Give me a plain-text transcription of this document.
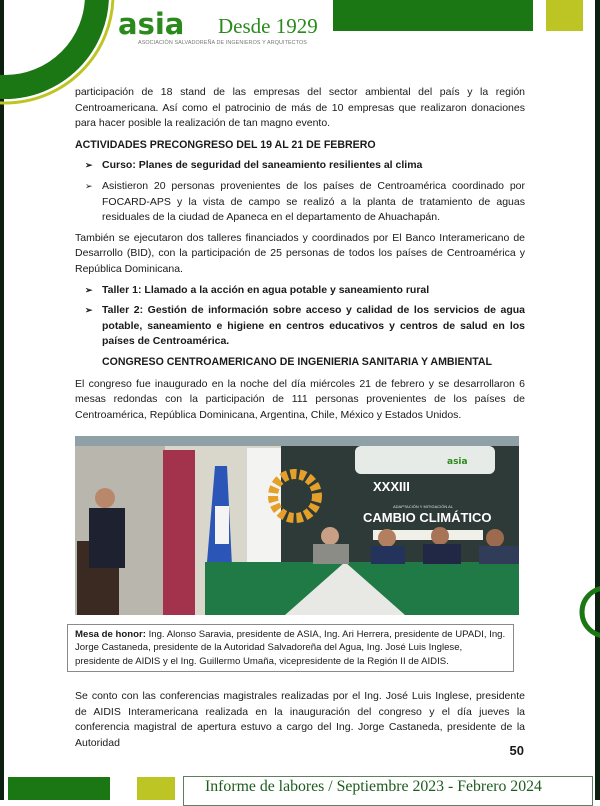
asia Desde 1929
ASOCIACIÓN SALVADOREÑA DE INGENIEROS Y ARQUITECTOS

participación de 18 stand de las empresas del sector ambiental del país y la región Centroamericana. Así como el patrocinio de más de 10 empresas que realizaron donaciones para hacer posible la realización de tan magno evento.

ACTIVIDADES PRECONGRESO DEL 19 AL 21 DE FEBRERO
➢ Curso: Planes de seguridad del saneamiento resilientes al clima
➢ Asistieron 20 personas provenientes de los países de Centroamérica coordinado por FOCARD-APS y la vista de campo se realizó a la planta de tratamiento de aguas residuales de la ciudad de Apaneca en el departamento de Ahuachapán.

También se ejecutaron dos talleres financiados y coordinados por El Banco Interamericano de Desarrollo (BID), con la participación de 25 personas de todos los países de Centroamérica y República Dominicana.

➢ Taller 1: Llamado a la acción en agua potable y saneamiento rural
➢ Taller 2: Gestión de información sobre acceso y calidad de los servicios de agua potable, saneamiento e higiene en centros educativos y centros de salud en los países de Centroamérica.
CONGRESO CENTROAMERICANO DE INGENIERIA SANITARIA Y AMBIENTAL

El congreso fue inaugurado en la noche del día miércoles 21 de febrero y se desarrollaron 6 mesas redondas con la participación de 111 personas provenientes de los países de Centroamérica, República Dominicana, Argentina, Chile, México y Estados Unidos.

XXXIII
ADAPTACIÓN Y MITIGACIÓN AL
CAMBIO CLIMÁTICO
asia
Mesa de honor: Ing. Alonso Saravia, presidente de ASIA, Ing. Ari Herrera, presidente de UPADI, Ing. Jorge Castaneda, presidente de la Autoridad Salvadoreña del Agua, Ing. José Luis Inglese, presidente de AIDIS y el Ing. Guillermo Umaña, vicepresidente de la Región II de AIDIS.

Se conto con las conferencias magistrales realizadas por el Ing. José Luis Inglese, presidente de AIDIS Interamericana realizada en la inauguración del congreso y el día jueves la conferencia magistral de apertura estuvo a cargo del Ing. Jorge Castaneda, presidente de la Autoridad

50
Informe de labores / Septiembre 2023 - Febrero 2024
